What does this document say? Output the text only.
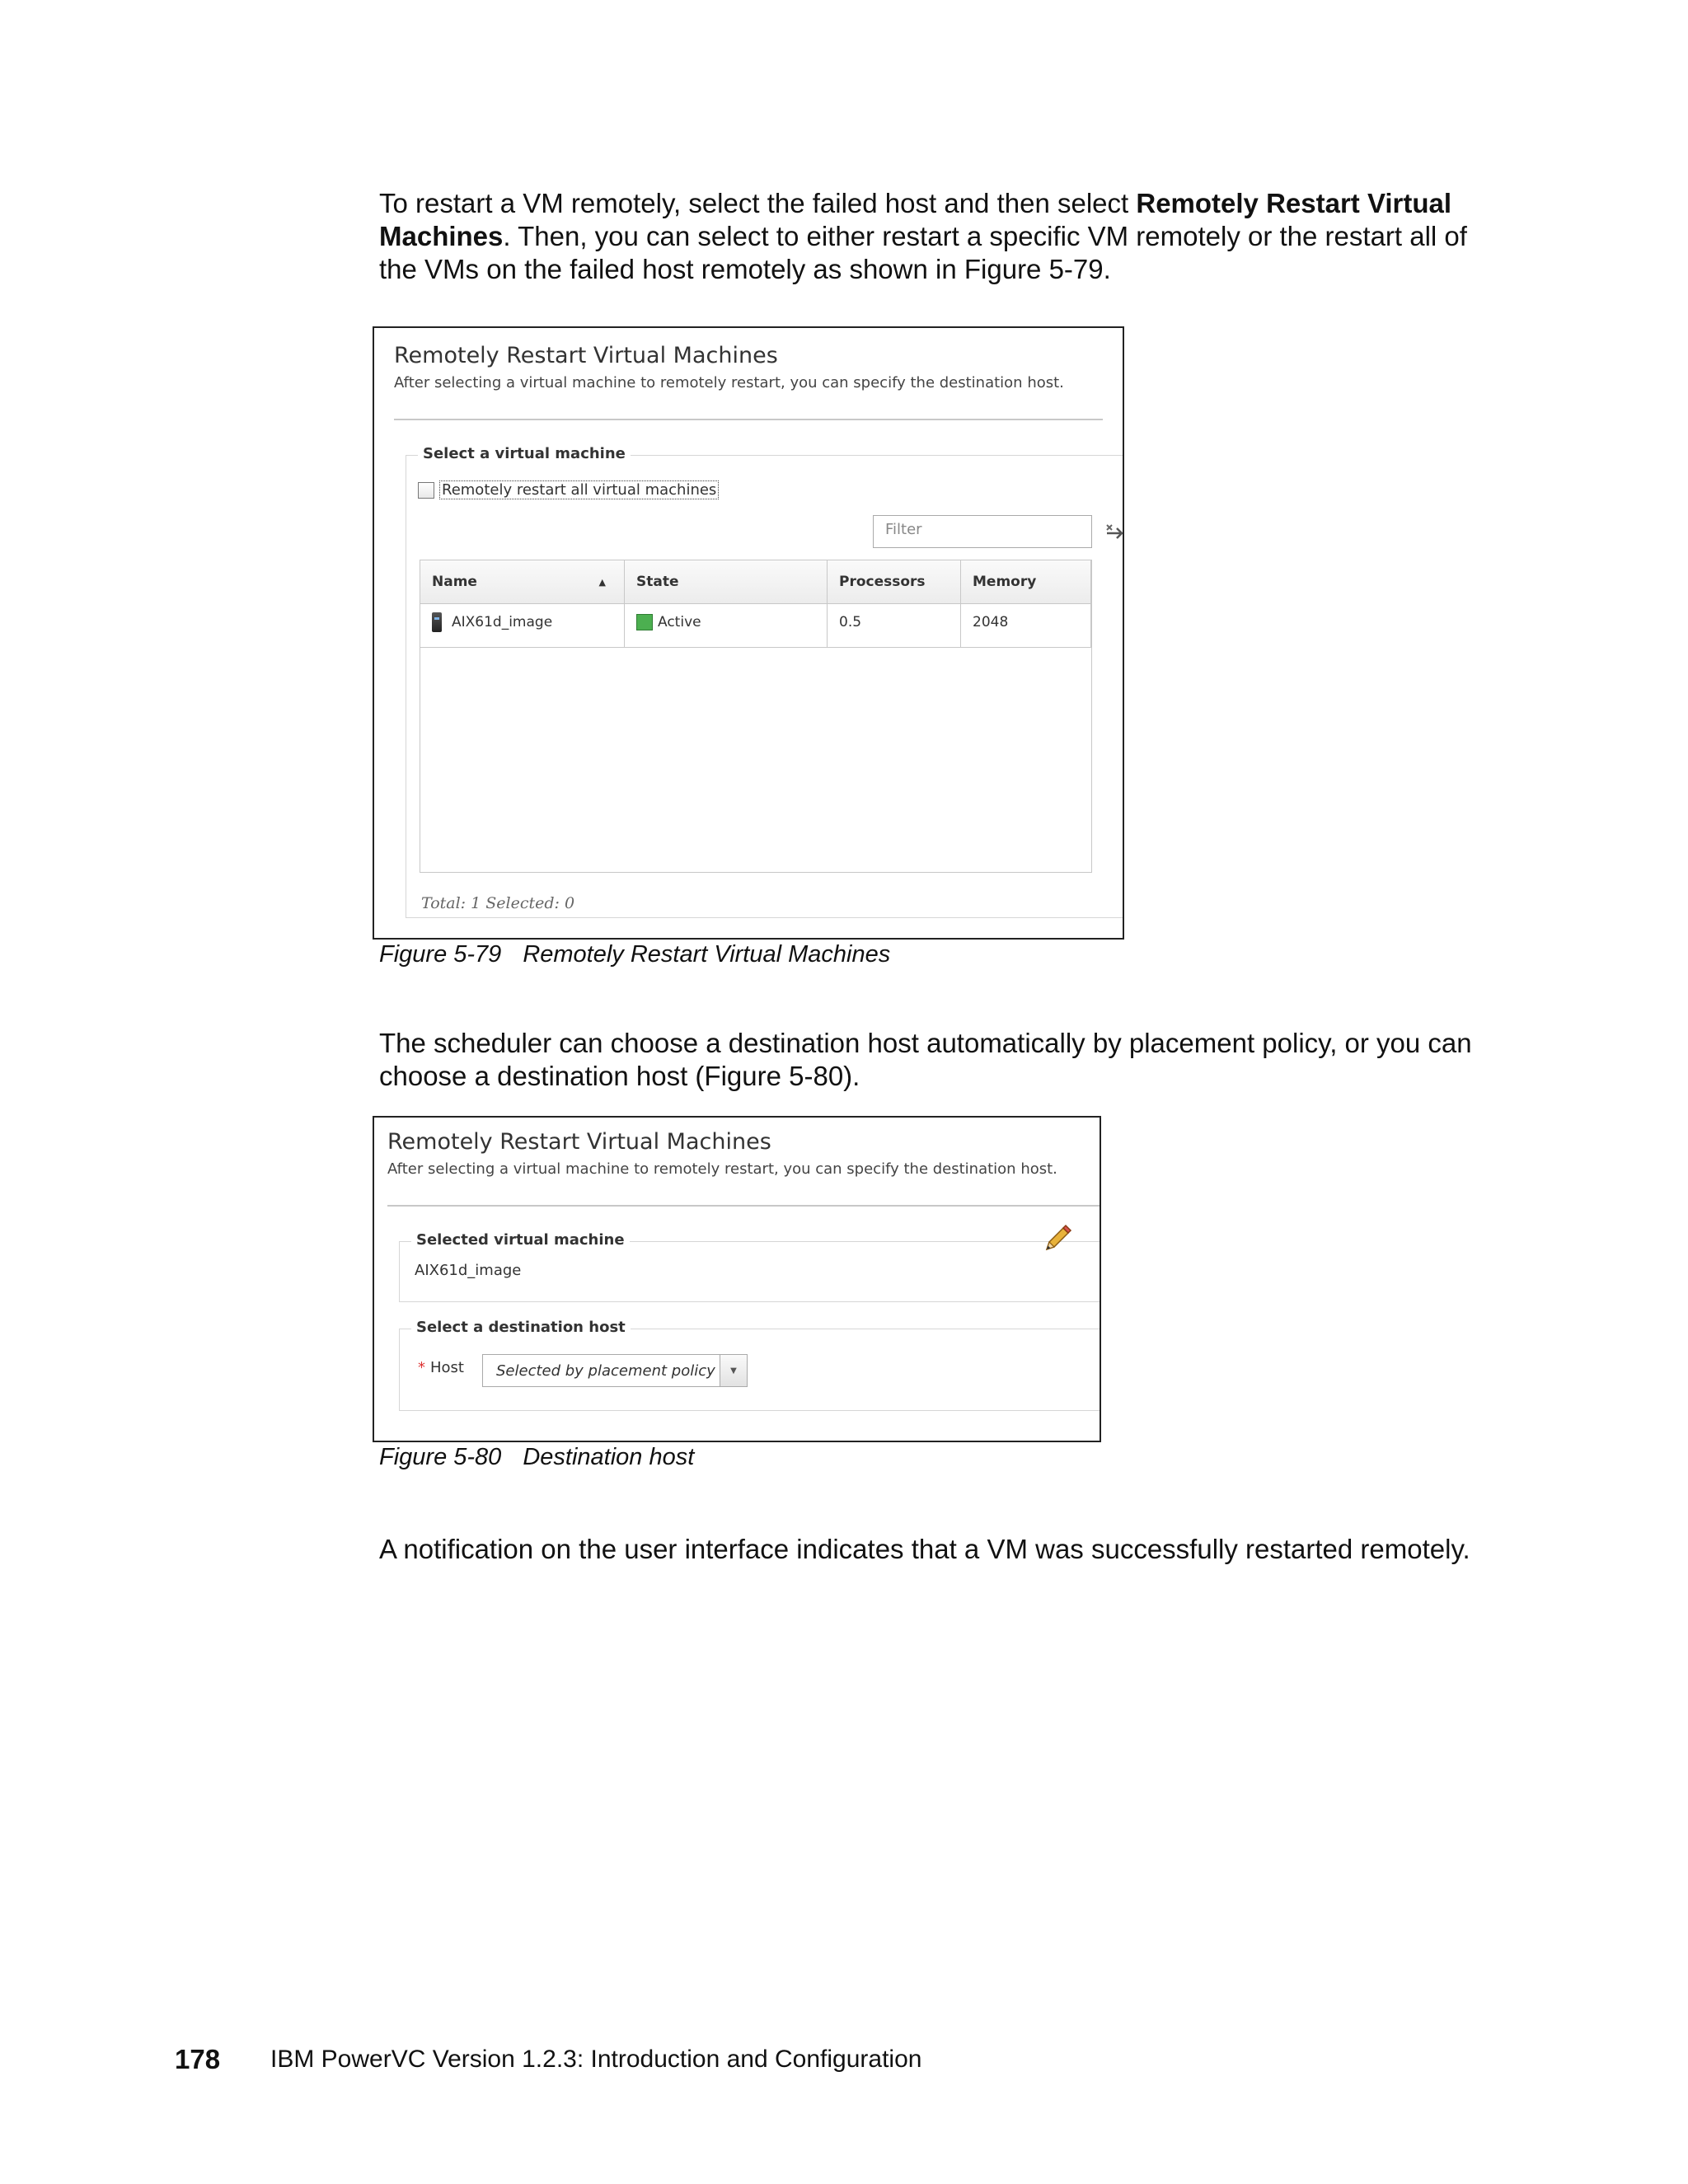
To restart a VM remotely, select the failed host and then select Remotely Restart Virtual Machines. Then, you can select to either restart a specific VM remotely or the restart all of the VMs on the failed host remotely as shown in Figure 5-79.

Remotely Restart Virtual Machines
After selecting a virtual machine to remotely restart, you can specify the destination host.
Select a virtual machine
Remotely restart all virtual machines
Filter
Name	▲	State	Processors	Memory
AIX61d_image	Active	0.5	2048
Total: 1 Selected: 0

Figure 5-79 Remotely Restart Virtual Machines

The scheduler can choose a destination host automatically by placement policy, or you can choose a destination host (Figure 5-80).

Remotely Restart Virtual Machines
After selecting a virtual machine to remotely restart, you can specify the destination host.
Selected virtual machine
AIX61d_image
Select a destination host
* Host	Selected by placement policy	▼

Figure 5-80 Destination host

A notification on the user interface indicates that a VM was successfully restarted remotely.

178 IBM PowerVC Version 1.2.3: Introduction and Configuration
